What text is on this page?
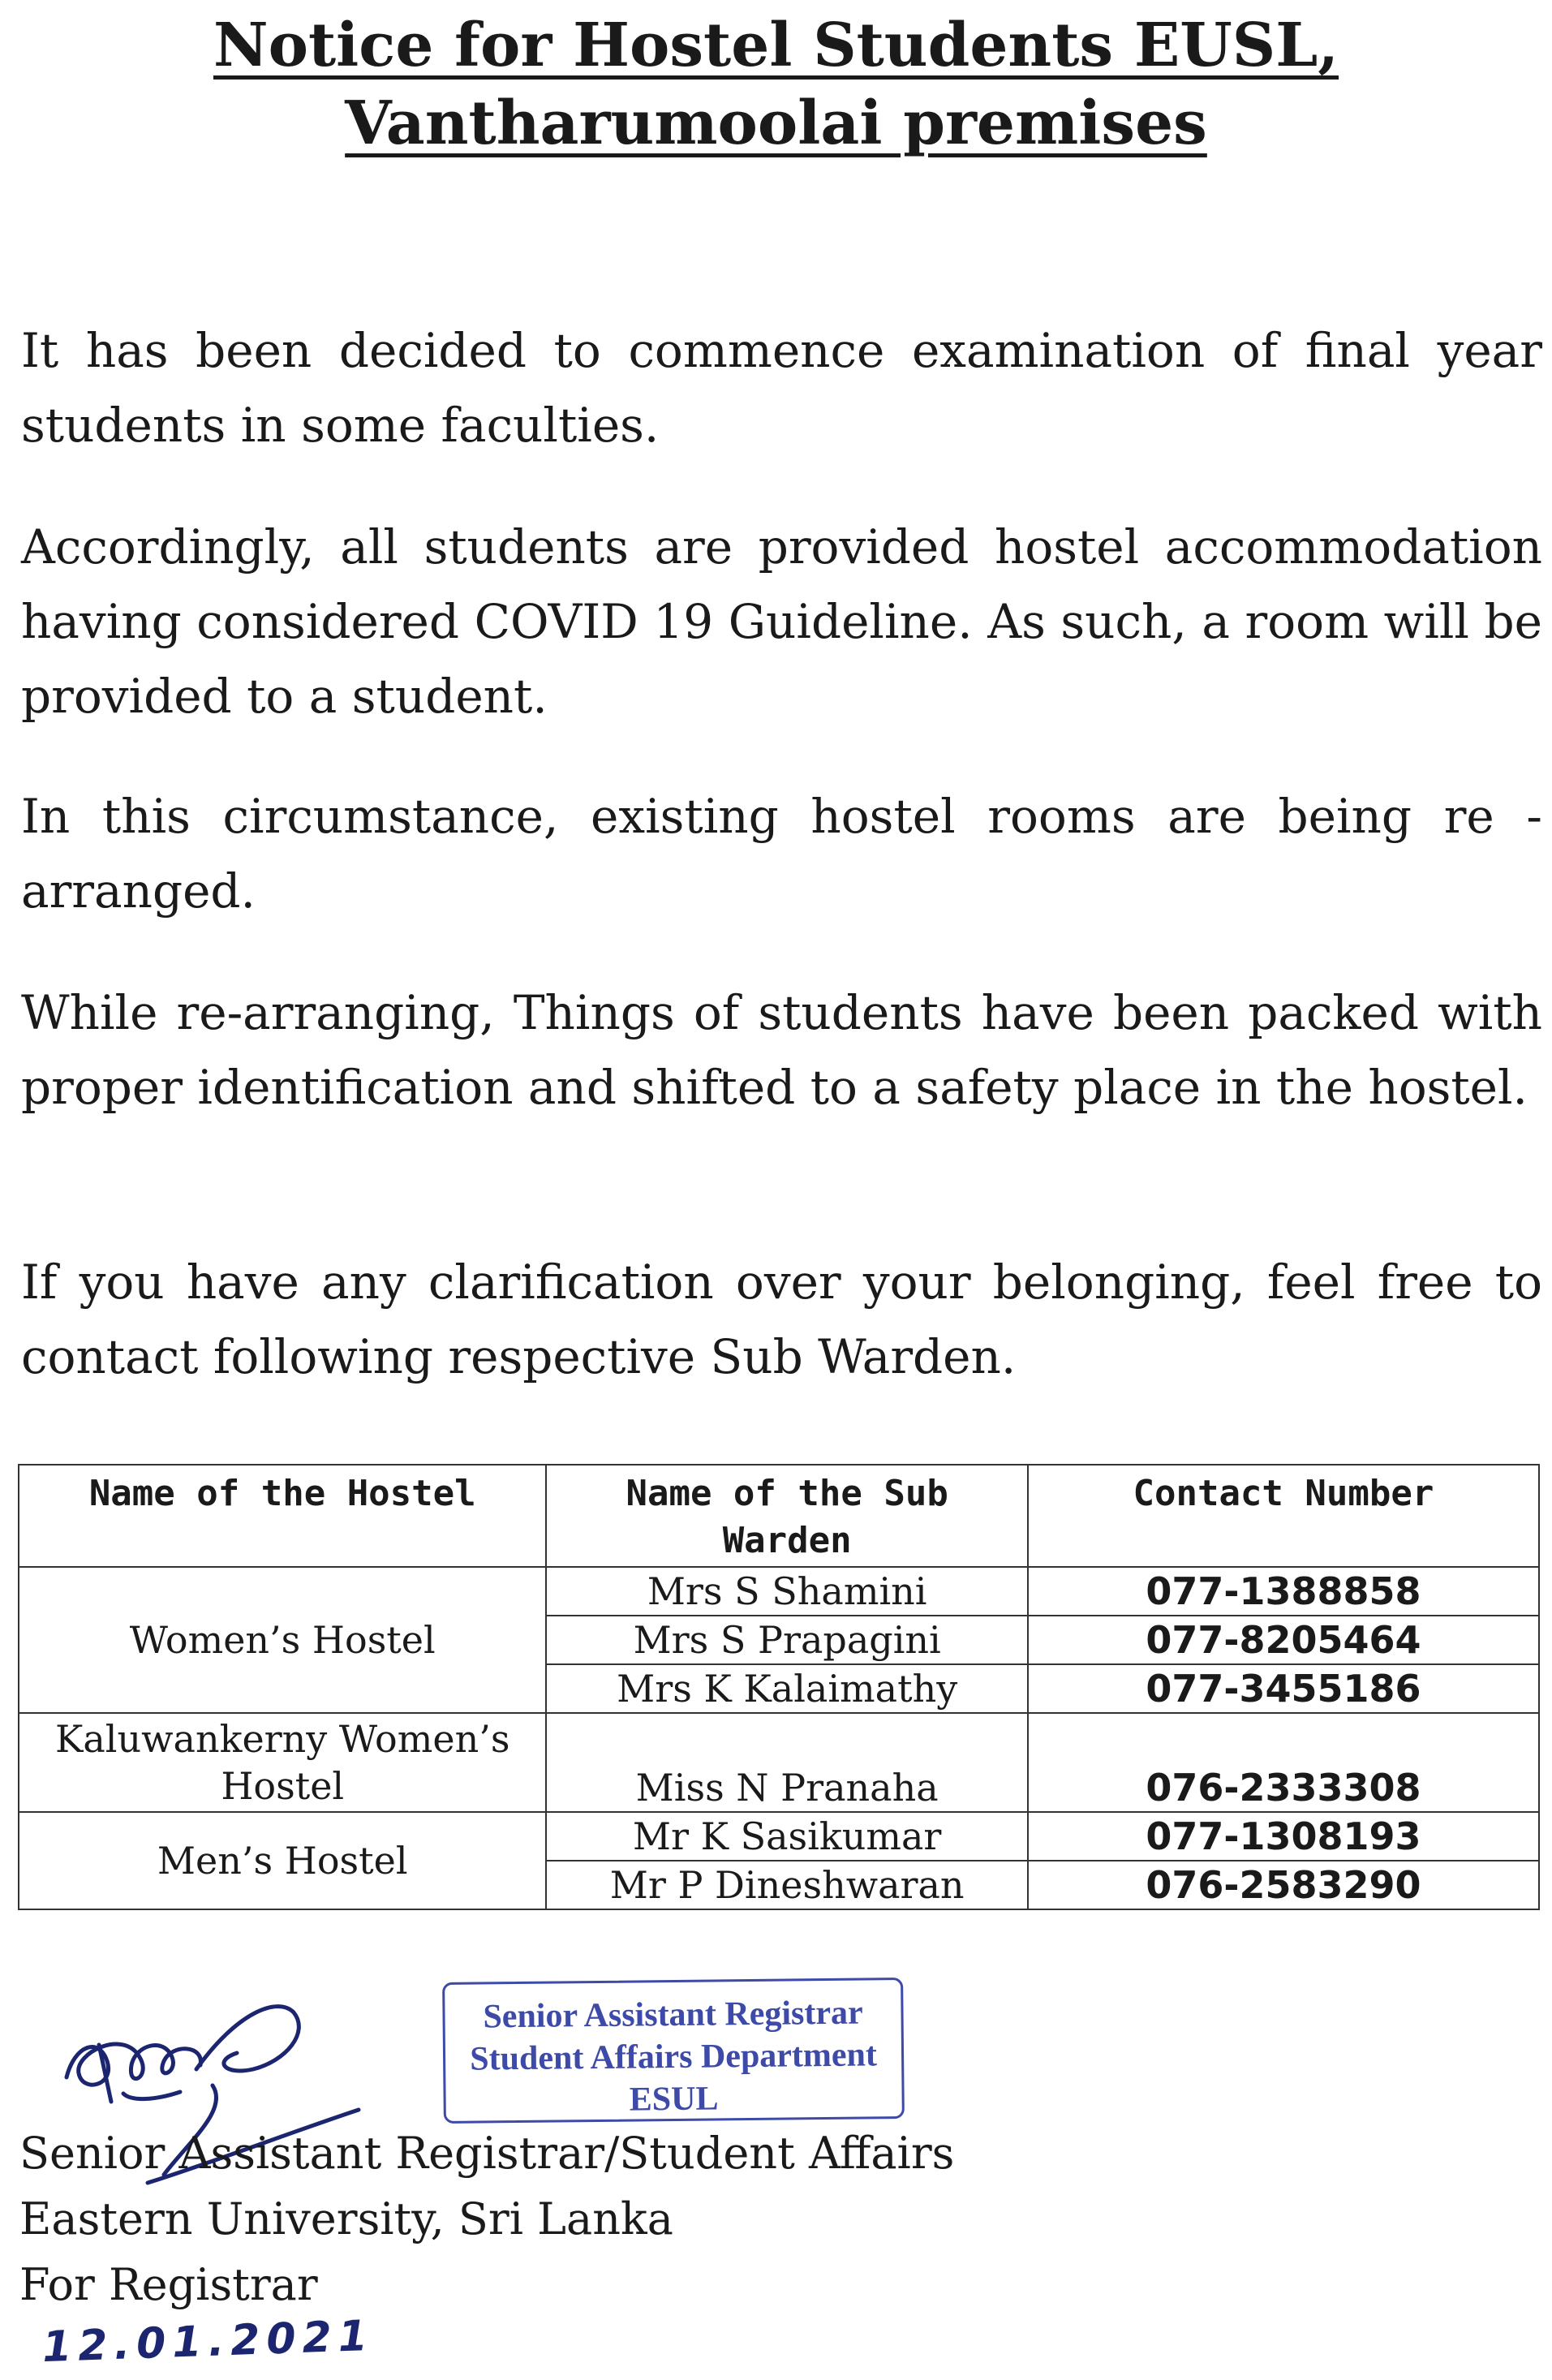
Notice for Hostel Students EUSL,
Vantharumoolai premises

It has been decided to commence examination of final year students in some faculties.

Accordingly, all students are provided hostel accommodation having considered COVID 19 Guideline. As such, a room will be provided to a student.

In this circumstance, existing hostel rooms are being re - arranged.

While re-arranging, Things of students have been packed with proper identification and shifted to a safety place in the hostel.

If you have any clarification over your belonging, feel free to contact following respective Sub Warden.

Name of the Hostel	Name of the Sub Warden	Contact Number
Women’s Hostel	Mrs S Shamini	077-1388858
	Mrs S Prapagini	077-8205464
	Mrs K Kalaimathy	077-3455186
Kaluwankerny Women’s Hostel	Miss N Pranaha	076-2333308
Men’s Hostel	Mr K Sasikumar	077-1308193
	Mr P Dineshwaran	076-2583290
Senior Assistant Registrar
Student Affairs Department
ESUL

Senior Assistant Registrar/Student Affairs

Eastern University, Sri Lanka

For Registrar

12.01.2021
